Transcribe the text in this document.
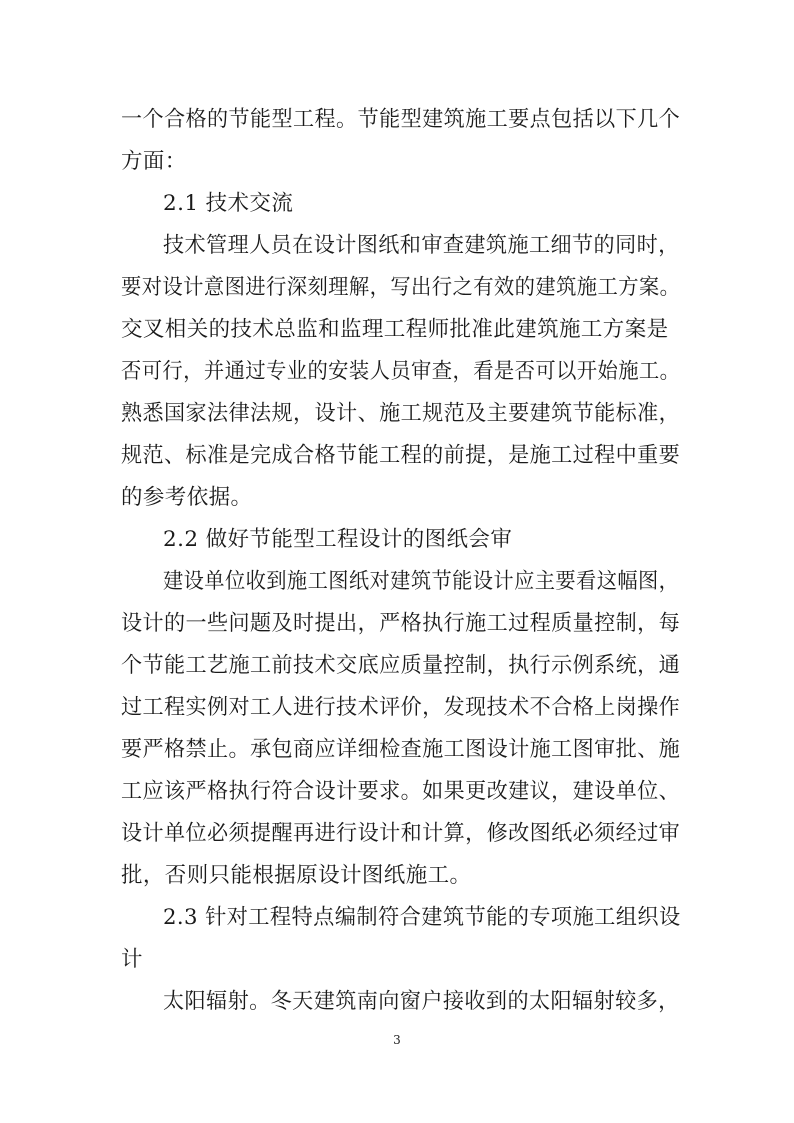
一个合格的节能型工程。节能型建筑施工要点包括以下几个
方面：
2.1 技术交流
技术管理人员在设计图纸和审查建筑施工细节的同时，
要对设计意图进行深刻理解，写出行之有效的建筑施工方案。
交叉相关的技术总监和监理工程师批准此建筑施工方案是
否可行，并通过专业的安装人员审查，看是否可以开始施工。
熟悉国家法律法规，设计、施工规范及主要建筑节能标准，
规范、标准是完成合格节能工程的前提，是施工过程中重要
的参考依据。
2.2 做好节能型工程设计的图纸会审
建设单位收到施工图纸对建筑节能设计应主要看这幅图，
设计的一些问题及时提出，严格执行施工过程质量控制，每
个节能工艺施工前技术交底应质量控制，执行示例系统，通
过工程实例对工人进行技术评价，发现技术不合格上岗操作
要严格禁止。承包商应详细检查施工图设计施工图审批、施
工应该严格执行符合设计要求。如果更改建议，建设单位、
设计单位必须提醒再进行设计和计算，修改图纸必须经过审
批，否则只能根据原设计图纸施工。
2.3 针对工程特点编制符合建筑节能的专项施工组织设
计
太阳辐射。冬天建筑南向窗户接收到的太阳辐射较多，
3
